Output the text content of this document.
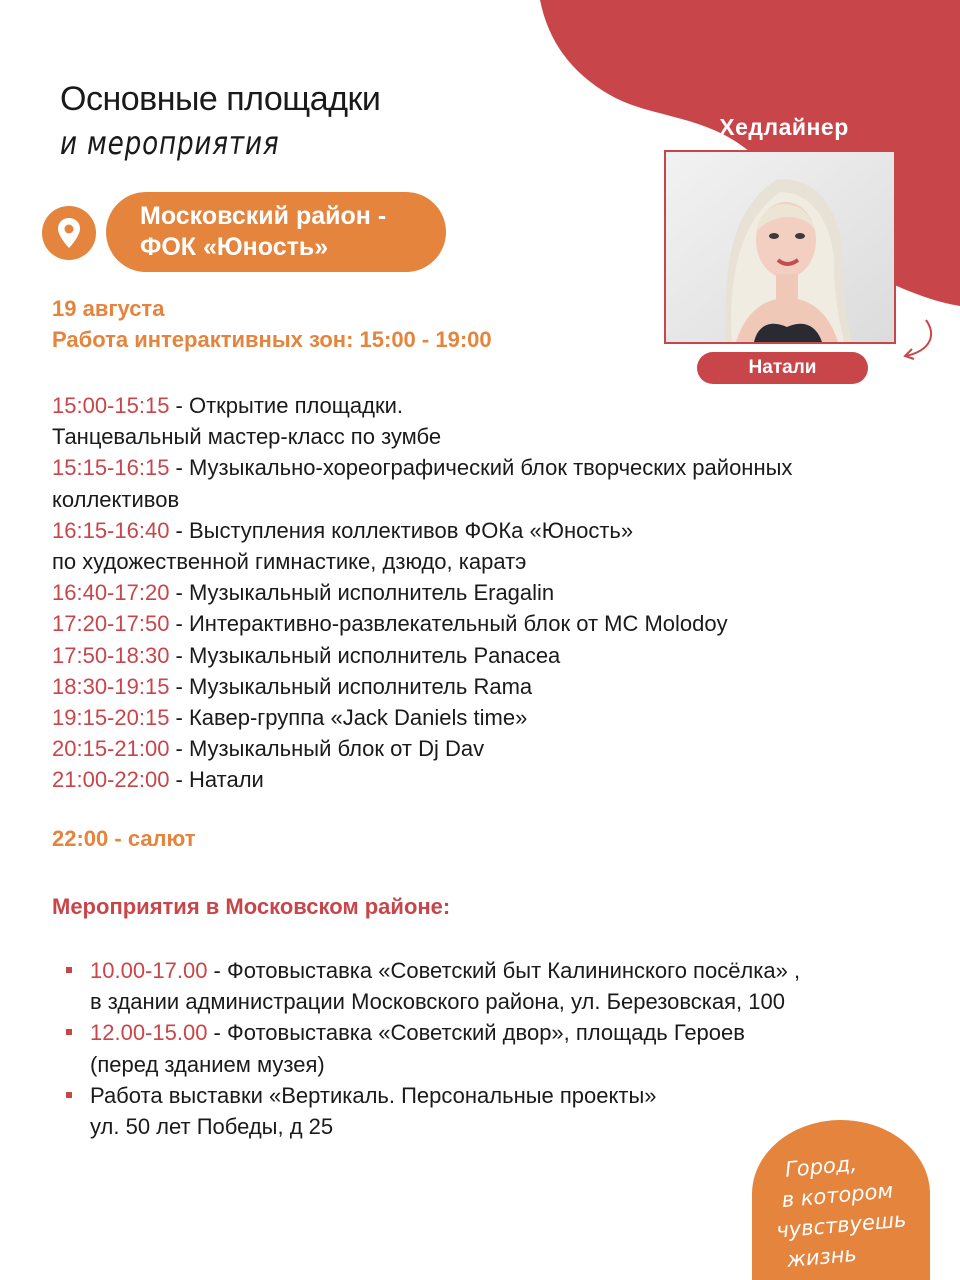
Основные площадки
и мероприятия
Московский район -
ФОК «Юность»
Хедлайнер
Натали
19 августа
Работа интерактивных зон: 15:00 - 19:00
15:00-15:15 - Открытие площадки.
Танцевальный мастер-класс по зумбе
15:15-16:15 - Музыкально-хореографический блок творческих районных
коллективов
16:15-16:40 - Выступления коллективов ФОКа «Юность»
по художественной гимнастике, дзюдо, каратэ
16:40-17:20 - Музыкальный исполнитель Eragalin
17:20-17:50 - Интерактивно-развлекательный блок от МС Molodoy
17:50-18:30 - Музыкальный исполнитель Panacea
18:30-19:15 - Музыкальный исполнитель Rama
19:15-20:15 - Кавер-группа «Jack Daniels time»
20:15-21:00 - Музыкальный блок от Dj Dav
21:00-22:00 - Натали
22:00 - салют
Мероприятия в Московском районе:
10.00-17.00 - Фотовыставка «Советский быт Калининского посёлка» ,
в здании администрации Московского района, ул. Березовская, 100
12.00-15.00 - Фотовыставка «Советский двор», площадь Героев
(перед зданием музея)
Работа выставки «Вертикаль. Персональные проекты»
ул. 50 лет Победы, д 25
Город,
в котором
чувствуешь
жизнь
